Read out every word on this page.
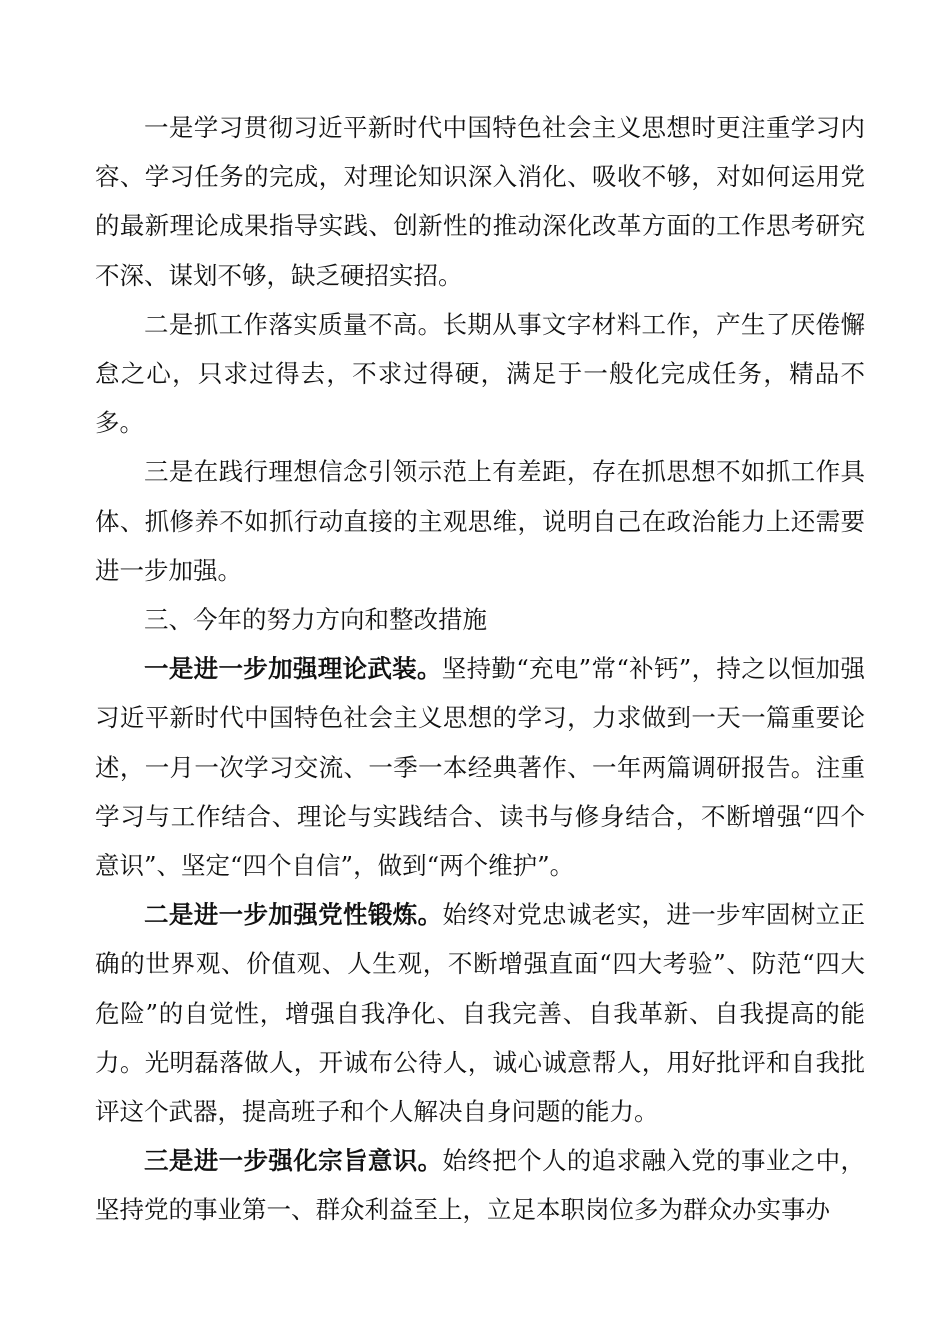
一是学习贯彻习近平新时代中国特色社会主义思想时更注重学习内容、学习任务的完成，对理论知识深入消化、吸收不够，对如何运用党的最新理论成果指导实践、创新性的推动深化改革方面的工作思考研究不深、谋划不够，缺乏硬招实招。

二是抓工作落实质量不高。长期从事文字材料工作，产生了厌倦懈怠之心，只求过得去，不求过得硬，满足于一般化完成任务，精品不多。

三是在践行理想信念引领示范上有差距，存在抓思想不如抓工作具体、抓修养不如抓行动直接的主观思维，说明自己在政治能力上还需要进一步加强。

三、今年的努力方向和整改措施

一是进一步加强理论武装。坚持勤“充电”常“补钙”，持之以恒加强习近平新时代中国特色社会主义思想的学习，力求做到一天一篇重要论述，一月一次学习交流、一季一本经典著作、一年两篇调研报告。注重学习与工作结合、理论与实践结合、读书与修身结合，不断增强“四个意识”、坚定“四个自信”，做到“两个维护”。

二是进一步加强党性锻炼。始终对党忠诚老实，进一步牢固树立正确的世界观、价值观、人生观，不断增强直面“四大考验”、防范“四大危险”的自觉性，增强自我净化、自我完善、自我革新、自我提高的能力。光明磊落做人，开诚布公待人，诚心诚意帮人，用好批评和自我批评这个武器，提高班子和个人解决自身问题的能力。

三是进一步强化宗旨意识。始终把个人的追求融入党的事业之中，坚持党的事业第一、群众利益至上，立足本职岗位多为群众办实事办
